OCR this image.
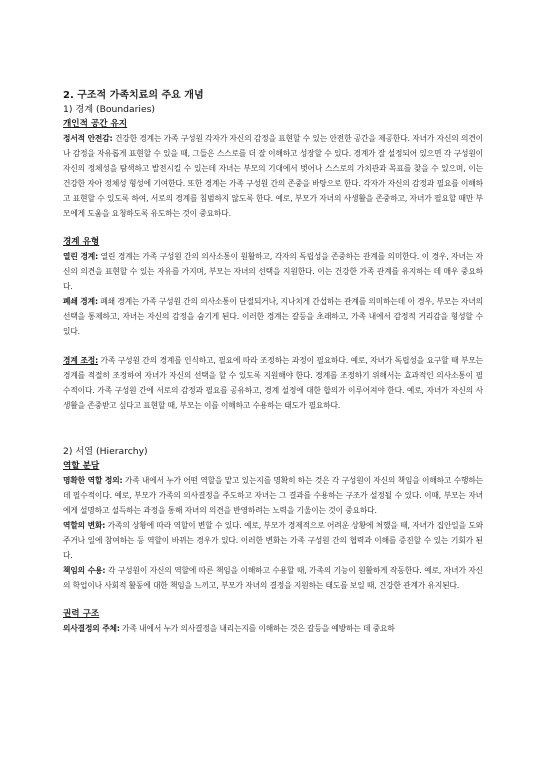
2. 구조적 가족치료의 주요 개념

1) 경계 (Boundaries)

개인적 공간 유지

정서적 안전감: 건강한 경계는 가족 구성원 각자가 자신의 감정을 표현할 수 있는 안전한 공간을 제공한다. 자녀가 자신의 의견이나 감정을 자유롭게 표현할 수 있을 때, 그들은 스스로를 더 잘 이해하고 성장할 수 있다. 경계가 잘 설정되어 있으면 각 구성원이 자신의 정체성을 탐색하고 발전시킬 수 있는데 자녀는 부모의 기대에서 벗어나 스스로의 가치관과 목표를 찾을 수 있으며, 이는 건강한 자아 정체성 형성에 기여한다. 또한 경계는 가족 구성원 간의 존중을 바탕으로 한다. 각자가 자신의 감정과 필요를 이해하고 표현할 수 있도록 하여, 서로의 경계를 침범하지 않도록 한다. 예로, 부모가 자녀의 사생활을 존중하고, 자녀가 필요할 때만 부모에게 도움을 요청하도록 유도하는 것이 중요하다.

경계 유형

열린 경계: 열린 경계는 가족 구성원 간의 의사소통이 원활하고, 각자의 독립성을 존중하는 관계를 의미한다. 이 경우, 자녀는 자신의 의견을 표현할 수 있는 자유를 가지며, 부모는 자녀의 선택을 지원한다. 이는 건강한 가족 관계를 유지하는 데 매우 중요하다.

폐쇄 경계: 폐쇄 경계는 가족 구성원 간의 의사소통이 단절되거나, 지나치게 간섭하는 관계를 의미하는데 이 경우, 부모는 자녀의 선택을 통제하고, 자녀는 자신의 감정을 숨기게 된다. 이러한 경계는 갈등을 초래하고, 가족 내에서 감정적 거리감을 형성할 수 있다.

경계 조정: 가족 구성원 간의 경계를 인식하고, 필요에 따라 조정하는 과정이 필요하다. 예로, 자녀가 독립성을 요구할 때 부모는 경계를 적절히 조정하여 자녀가 자신의 선택을 할 수 있도록 지원해야 한다. 경계를 조정하기 위해서는 효과적인 의사소통이 필수적이다. 가족 구성원 간에 서로의 감정과 필요를 공유하고, 경계 설정에 대한 합의가 이루어져야 한다. 예로, 자녀가 자신의 사생활을 존중받고 싶다고 표현할 때, 부모는 이를 이해하고 수용하는 태도가 필요하다.

2) 서열 (Hierarchy)

역할 분담

명확한 역할 정의: 가족 내에서 누가 어떤 역할을 맡고 있는지를 명확히 하는 것은 각 구성원이 자신의 책임을 이해하고 수행하는 데 필수적이다. 예로, 부모가 가족의 의사결정을 주도하고 자녀는 그 결과를 수용하는 구조가 설정될 수 있다. 이때, 부모는 자녀에게 설명하고 설득하는 과정을 통해 자녀의 의견을 반영하려는 노력을 기울이는 것이 중요하다.

역할의 변화: 가족의 상황에 따라 역할이 변할 수 있다. 예로, 부모가 경제적으로 어려운 상황에 처했을 때, 자녀가 집안일을 도와주거나 일에 참여하는 등 역할이 바뀌는 경우가 있다. 이러한 변화는 가족 구성원 간의 협력과 이해를 증진할 수 있는 기회가 된다.

책임의 수용: 각 구성원이 자신의 역할에 따른 책임을 이해하고 수용할 때, 가족의 기능이 원활하게 작동한다. 예로, 자녀가 자신의 학업이나 사회적 활동에 대한 책임을 느끼고, 부모가 자녀의 결정을 지원하는 태도를 보일 때, 건강한 관계가 유지된다.

권력 구조

의사결정의 주체: 가족 내에서 누가 의사결정을 내리는지를 이해하는 것은 갈등을 예방하는 데 중요하
